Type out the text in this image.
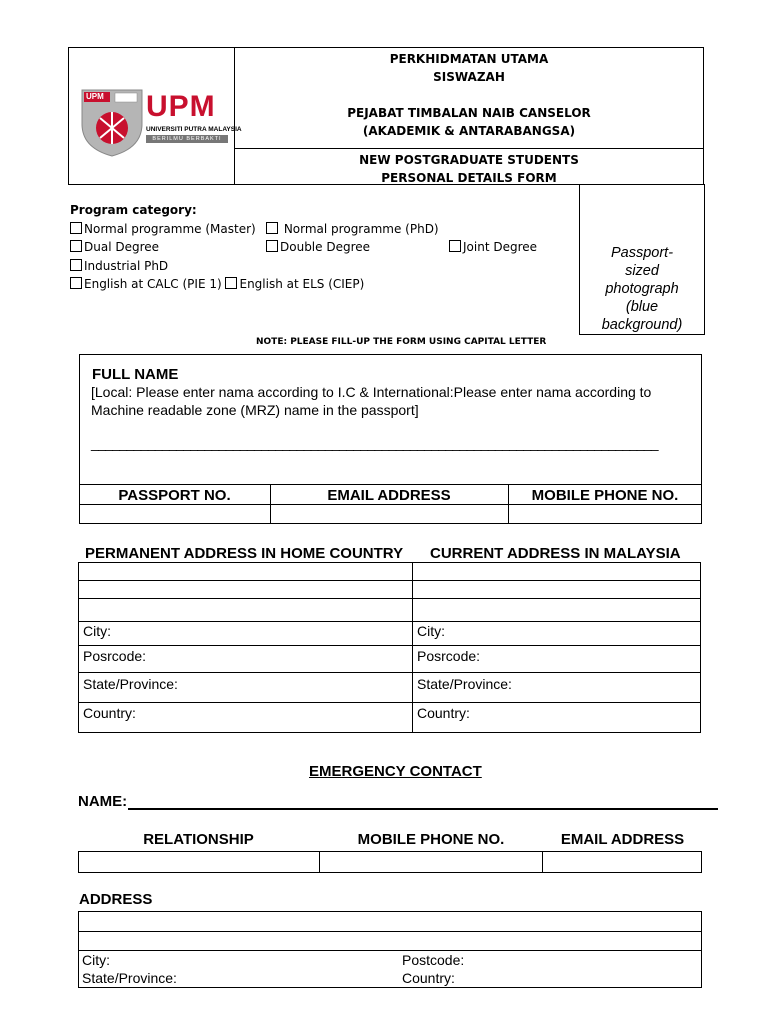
UPM UPM
UNIVERSITI PUTRA MALAYSIA
BERILMU BERBAKTI
PERKHIDMATAN UTAMA
SISWAZAH
PEJABAT TIMBALAN NAIB CANSELOR
(AKADEMIK & ANTARABANGSA)
NEW POSTGRADUATE STUDENTS
PERSONAL DETAILS FORM
Program category:
Normal programme (Master)	Normal programme (PhD)
Dual Degree	Double Degree	Joint Degree
Industrial PhD
English at CALC (PIE 1) English at ELS (CIEP)
Passport-
sized
photograph
(blue
background)
NOTE: PLEASE FILL-UP THE FORM USING CAPITAL LETTER
FULL NAME
[Local: Please enter nama according to I.C & International:Please enter nama according to
Machine readable zone (MRZ) name in the passport]
________________________________________________________________________________
PASSPORT NO.	EMAIL ADDRESS	MOBILE PHONE NO.
PERMANENT ADDRESS IN HOME COUNTRY CURRENT ADDRESS IN MALAYSIA
City:	City:
Posrcode:	Posrcode:
State/Province:	State/Province:
Country:	Country:
EMERGENCY CONTACT
NAME:
RELATIONSHIP	MOBILE PHONE NO.	EMAIL ADDRESS
ADDRESS
City:	Postcode:
State/Province:	Country:
